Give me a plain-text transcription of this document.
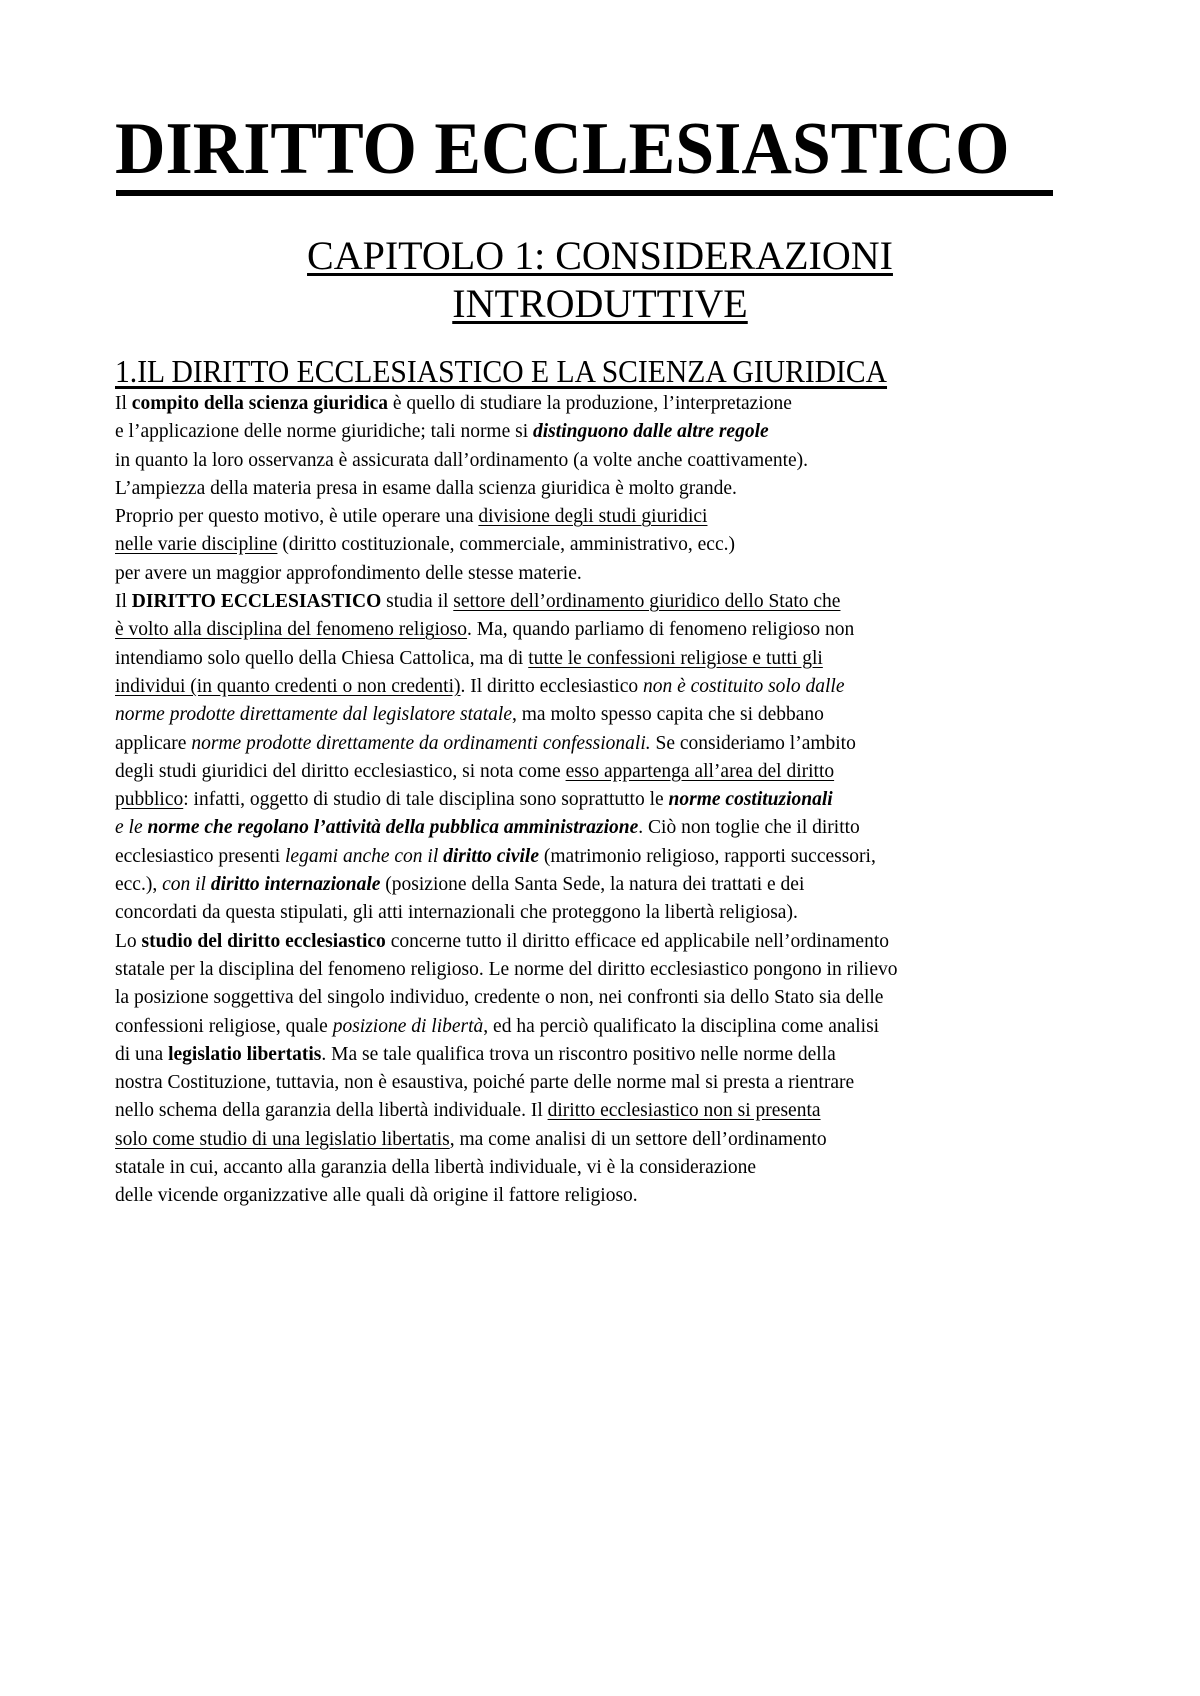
DIRITTO ECCLESIASTICO
CAPITOLO 1: CONSIDERAZIONI
INTRODUTTIVE
1.IL DIRITTO ECCLESIASTICO E LA SCIENZA GIURIDICA
Il compito della scienza giuridica è quello di studiare la produzione, l’interpretazione
e l’applicazione delle norme giuridiche; tali norme si distinguono dalle altre regole
in quanto la loro osservanza è assicurata dall’ordinamento (a volte anche coattivamente).
L’ampiezza della materia presa in esame dalla scienza giuridica è molto grande.
Proprio per questo motivo, è utile operare una divisione degli studi giuridici
nelle varie discipline (diritto costituzionale, commerciale, amministrativo, ecc.)
per avere un maggior approfondimento delle stesse materie.
Il DIRITTO ECCLESIASTICO studia il settore dell’ordinamento giuridico dello Stato che
è volto alla disciplina del fenomeno religioso. Ma, quando parliamo di fenomeno religioso non
intendiamo solo quello della Chiesa Cattolica, ma di tutte le confessioni religiose e tutti gli
individui (in quanto credenti o non credenti). Il diritto ecclesiastico non è costituito solo dalle
norme prodotte direttamente dal legislatore statale, ma molto spesso capita che si debbano
applicare norme prodotte direttamente da ordinamenti confessionali. Se consideriamo l’ambito
degli studi giuridici del diritto ecclesiastico, si nota come esso appartenga all’area del diritto
pubblico: infatti, oggetto di studio di tale disciplina sono soprattutto le norme costituzionali
e le norme che regolano l’attività della pubblica amministrazione. Ciò non toglie che il diritto
ecclesiastico presenti legami anche con il diritto civile (matrimonio religioso, rapporti successori,
ecc.), con il diritto internazionale (posizione della Santa Sede, la natura dei trattati e dei
concordati da questa stipulati, gli atti internazionali che proteggono la libertà religiosa).
Lo studio del diritto ecclesiastico concerne tutto il diritto efficace ed applicabile nell’ordinamento
statale per la disciplina del fenomeno religioso. Le norme del diritto ecclesiastico pongono in rilievo
la posizione soggettiva del singolo individuo, credente o non, nei confronti sia dello Stato sia delle
confessioni religiose, quale posizione di libertà, ed ha perciò qualificato la disciplina come analisi
di una legislatio libertatis. Ma se tale qualifica trova un riscontro positivo nelle norme della
nostra Costituzione, tuttavia, non è esaustiva, poiché parte delle norme mal si presta a rientrare
nello schema della garanzia della libertà individuale. Il diritto ecclesiastico non si presenta
solo come studio di una legislatio libertatis, ma come analisi di un settore dell’ordinamento
statale in cui, accanto alla garanzia della libertà individuale, vi è la considerazione
delle vicende organizzative alle quali dà origine il fattore religioso.
